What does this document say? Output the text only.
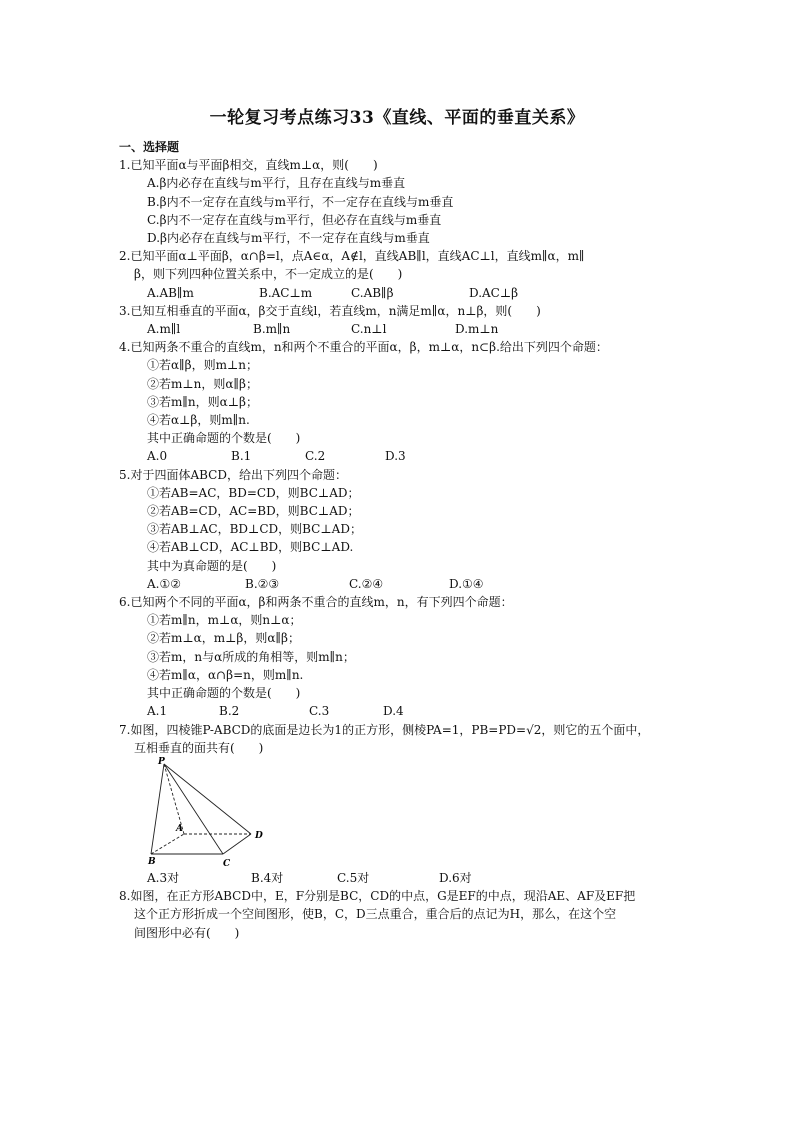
一轮复习考点练习33《直线、平面的垂直关系》
一、选择题
1.已知平面α与平面β相交，直线m⊥α，则(　　)
A.β内必存在直线与m平行，且存在直线与m垂直
B.β内不一定存在直线与m平行，不一定存在直线与m垂直
C.β内不一定存在直线与m平行，但必存在直线与m垂直
D.β内必存在直线与m平行，不一定存在直线与m垂直
2.已知平面α⊥平面β，α∩β=l，点A∈α，A∉l，直线AB∥l，直线AC⊥l，直线m∥α，m∥
β，则下列四种位置关系中，不一定成立的是(　　)
A.AB∥m	B.AC⊥m	C.AB∥β	D.AC⊥β
3.已知互相垂直的平面α，β交于直线l，若直线m，n满足m∥α，n⊥β，则(　　)
A.m∥l	B.m∥n	C.n⊥l	D.m⊥n
4.已知两条不重合的直线m，n和两个不重合的平面α，β，m⊥α，n⊂β.给出下列四个命题：
①若α∥β，则m⊥n；
②若m⊥n，则α∥β；
③若m∥n，则α⊥β；
④若α⊥β，则m∥n.
其中正确命题的个数是(　　)
A.0	B.1	C.2	D.3
5.对于四面体ABCD，给出下列四个命题：
①若AB=AC，BD=CD，则BC⊥AD；
②若AB=CD，AC=BD，则BC⊥AD；
③若AB⊥AC，BD⊥CD，则BC⊥AD；
④若AB⊥CD，AC⊥BD，则BC⊥AD.
其中为真命题的是(　　)
A.①②	B.②③	C.②④	D.①④
6.已知两个不同的平面α，β和两条不重合的直线m，n，有下列四个命题：
①若m∥n，m⊥α，则n⊥α；
②若m⊥α，m⊥β，则α∥β；
③若m，n与α所成的角相等，则m∥n；
④若m∥α，α∩β=n，则m∥n.
其中正确命题的个数是(　　)
A.1	B.2	C.3	D.4
7.如图，四棱锥P-ABCD的底面是边长为1的正方形，侧棱PA=1，PB=PD=√2，则它的五个面中，
互相垂直的面共有(　　)
P
A
B	C
D
A.3对	B.4对	C.5对	D.6对
8.如图，在正方形ABCD中，E，F分别是BC，CD的中点，G是EF的中点，现沿AE、AF及EF把
这个正方形折成一个空间图形，使B，C，D三点重合，重合后的点记为H，那么，在这个空
间图形中必有(　　)
